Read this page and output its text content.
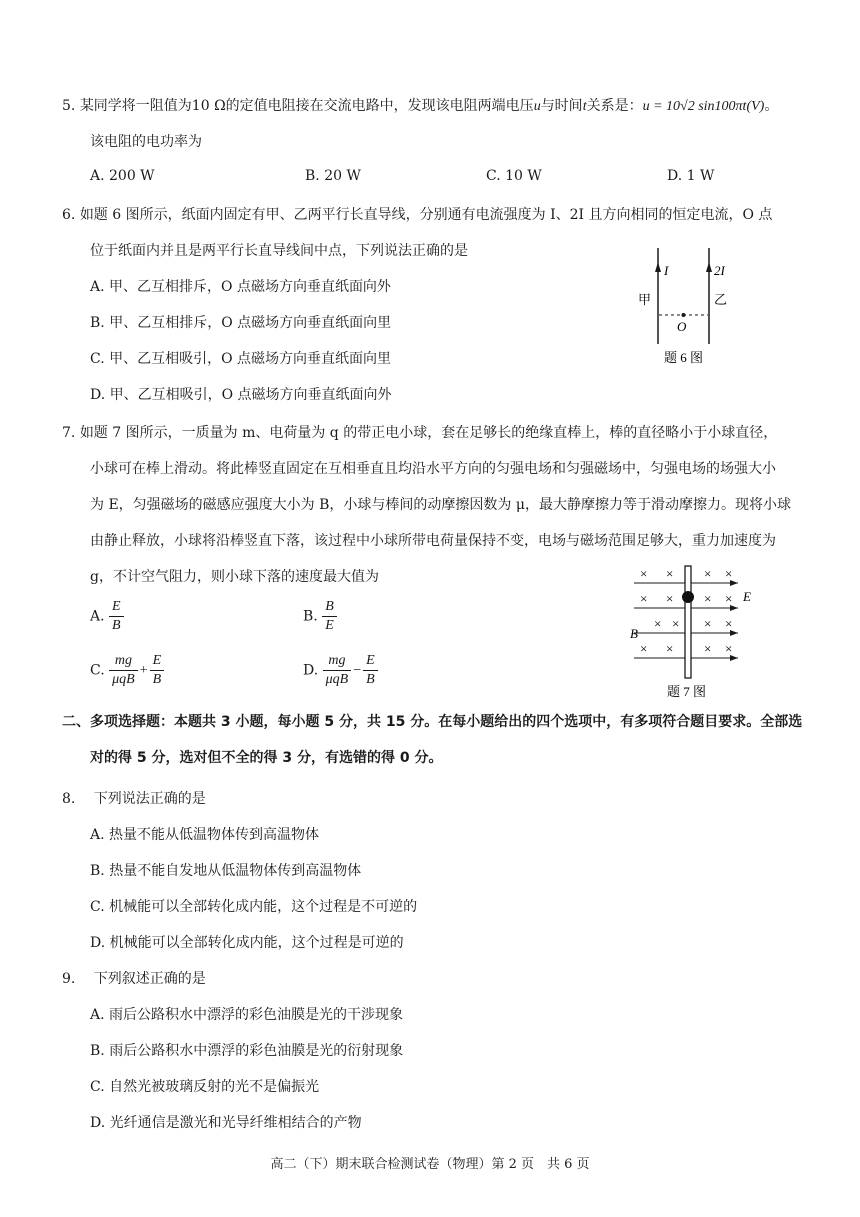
5. 某同学将一阻值为10 Ω的定值电阻接在交流电路中，发现该电阻两端电压u与时间t关系是：u = 10√2 sin100πt(V)。
该电阻的电功率为
A. 200 W	B. 20 W	C. 10 W	D. 1 W
6. 如题 6 图所示，纸面内固定有甲、乙两平行长直导线，分别通有电流强度为 I、2I 且方向相同的恒定电流，O 点
位于纸面内并且是两平行长直导线间中点，下列说法正确的是
A. 甲、乙互相排斥，O 点磁场方向垂直纸面向外
B. 甲、乙互相排斥，O 点磁场方向垂直纸面向里
C. 甲、乙互相吸引，O 点磁场方向垂直纸面向里
D. 甲、乙互相吸引，O 点磁场方向垂直纸面向外
I	2I
甲	乙
O
题 6 图
7. 如题 7 图所示，一质量为 m、电荷量为 q 的带正电小球，套在足够长的绝缘直棒上，棒的直径略小于小球直径，
小球可在棒上滑动。将此棒竖直固定在互相垂直且均沿水平方向的匀强电场和匀强磁场中，匀强电场的场强大小
为 E，匀强磁场的磁感应强度大小为 B，小球与棒间的动摩擦因数为 μ，最大静摩擦力等于滑动摩擦力。现将小球
由静止释放，小球将沿棒竖直下落，该过程中小球所带电荷量保持不变，电场与磁场范围足够大，重力加速度为
g，不计空气阻力，则小球下落的速度最大值为
A. $\frac{E}{B}$	B. $\frac{B}{E}$
C. $\frac{mg}{\text{μqB}} + \frac{E}{B}$	D. $\frac{mg}{\text{μqB}} - \frac{E}{B}$
× × × ×
× × × ×
× × × ×
× × × ×
E
B
题 7 图
二、多项选择题：本题共 3 小题，每小题 5 分，共 15 分。在每小题给出的四个选项中，有多项符合题目要求。全部选
对的得 5 分，选对但不全的得 3 分，有选错的得 0 分。
8. 下列说法正确的是
A. 热量不能从低温物体传到高温物体
B. 热量不能自发地从低温物体传到高温物体
C. 机械能可以全部转化成内能，这个过程是不可逆的
D. 机械能可以全部转化成内能，这个过程是可逆的
9. 下列叙述正确的是
A. 雨后公路积水中漂浮的彩色油膜是光的干涉现象
B. 雨后公路积水中漂浮的彩色油膜是光的衍射现象
C. 自然光被玻璃反射的光不是偏振光
D. 光纤通信是激光和光导纤维相结合的产物
高二（下）期末联合检测试卷（物理）第 2 页　共 6 页
